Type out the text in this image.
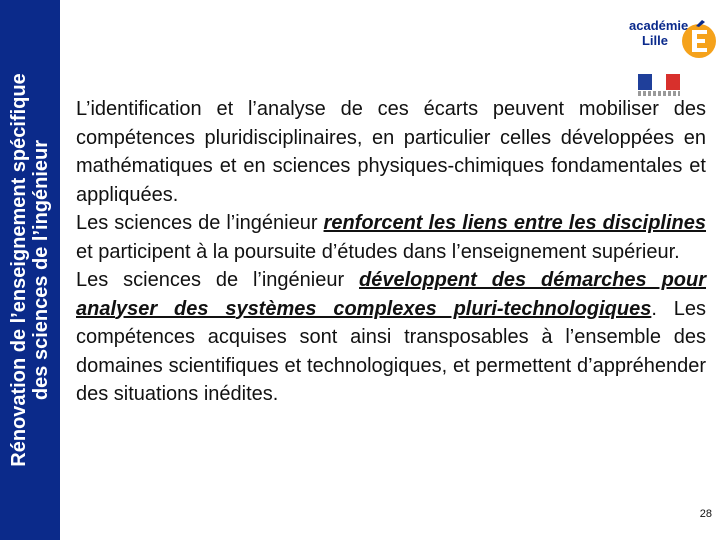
Rénovation de l’enseignement spécifique des sciences de l’ingénieur
académie
Lille

L’identification et l’analyse de ces écarts peuvent mobiliser des compétences pluridisciplinaires, en particulier celles développées en mathématiques et en sciences physiques-chimiques fondamentales et appliquées.

Les sciences de l’ingénieur renforcent les liens entre les disciplines et participent à la poursuite d’études dans l’enseignement supérieur.

Les sciences de l’ingénieur développent des démarches pour analyser des systèmes complexes pluri-technologiques. Les compétences acquises sont ainsi transposables à l’ensemble des domaines scientifiques et technologiques, et permettent d’appréhender des situations inédites.

28
